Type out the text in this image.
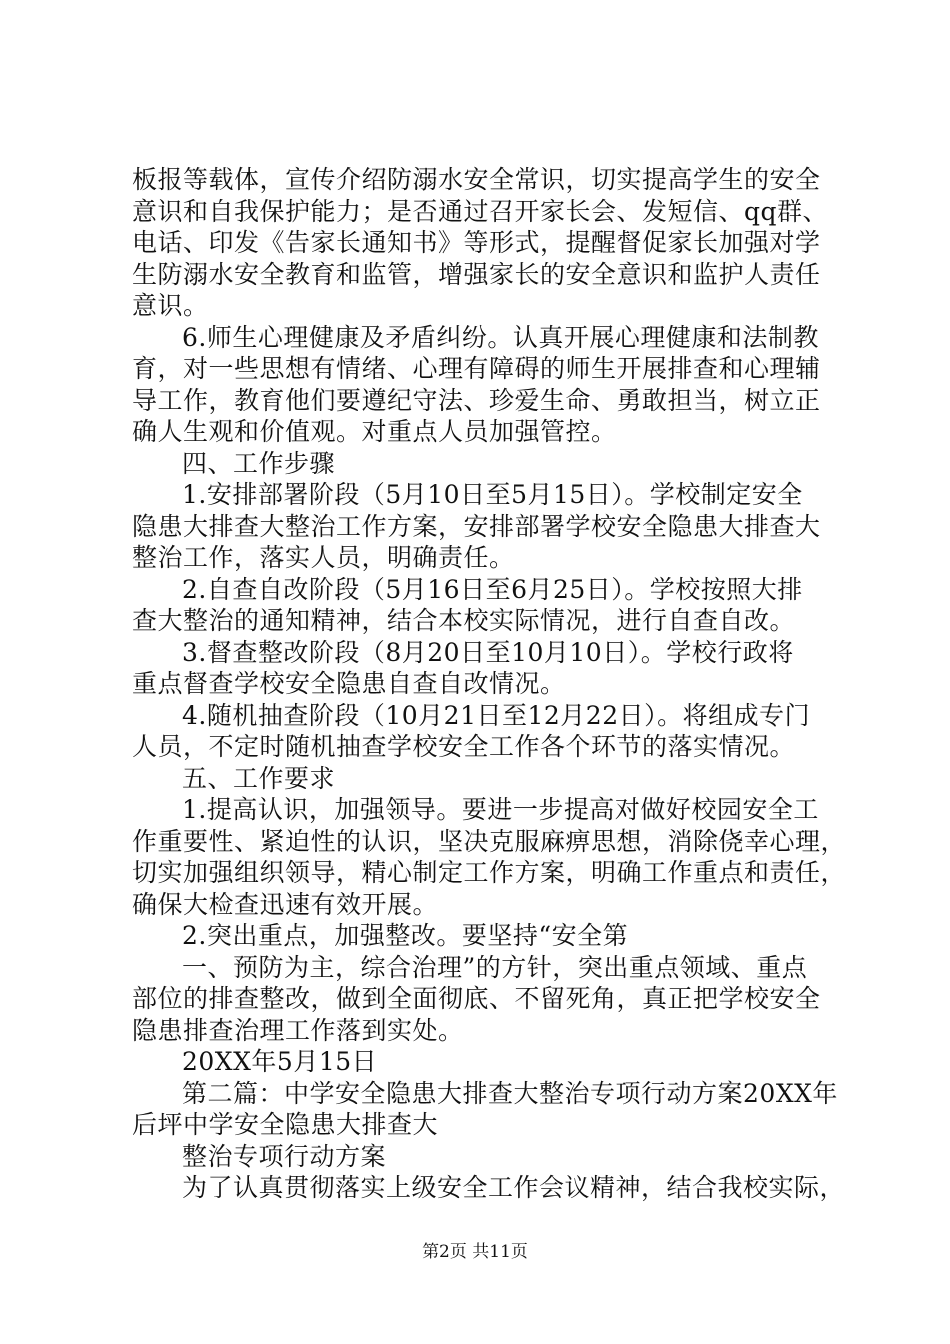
板报等载体，宣传介绍防溺水安全常识，切实提高学生的安全
意识和自我保护能力；是否通过召开家长会、发短信、qq群、
电话、印发《告家长通知书》等形式，提醒督促家长加强对学
生防溺水安全教育和监管，增强家长的安全意识和监护人责任
意识。
6.师生心理健康及矛盾纠纷。认真开展心理健康和法制教
育，对一些思想有情绪、心理有障碍的师生开展排查和心理辅
导工作，教育他们要遵纪守法、珍爱生命、勇敢担当，树立正
确人生观和价值观。对重点人员加强管控。
四、工作步骤
1.安排部署阶段（5月10日至5月15日）。学校制定安全
隐患大排查大整治工作方案，安排部署学校安全隐患大排查大
整治工作，落实人员，明确责任。
2.自查自改阶段（5月16日至6月25日）。学校按照大排
查大整治的通知精神，结合本校实际情况，进行自查自改。
3.督查整改阶段（8月20日至10月10日）。学校行政将
重点督查学校安全隐患自查自改情况。
4.随机抽查阶段（10月21日至12月22日）。将组成专门
人员，不定时随机抽查学校安全工作各个环节的落实情况。
五、工作要求
1.提高认识，加强领导。要进一步提高对做好校园安全工
作重要性、紧迫性的认识，坚决克服麻痹思想，消除侥幸心理，
切实加强组织领导，精心制定工作方案，明确工作重点和责任，
确保大检查迅速有效开展。
2.突出重点，加强整改。要坚持“安全第
一、预防为主，综合治理”的方针，突出重点领域、重点
部位的排查整改，做到全面彻底、不留死角，真正把学校安全
隐患排查治理工作落到实处。
20XX年5月15日
第二篇：中学安全隐患大排查大整治专项行动方案20XX年
后坪中学安全隐患大排查大
整治专项行动方案
为了认真贯彻落实上级安全工作会议精神，结合我校实际，
第2页 共11页
